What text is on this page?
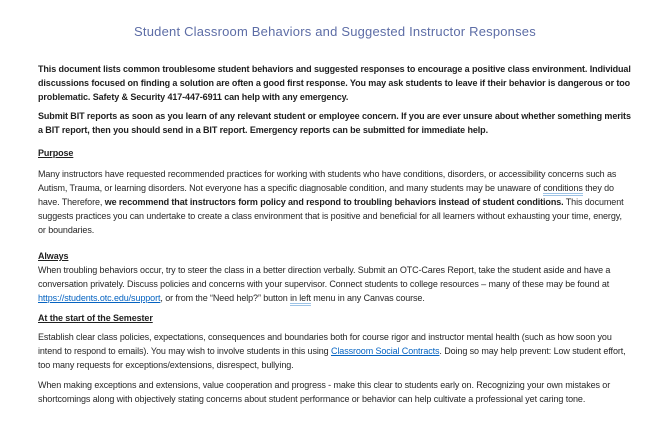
Student Classroom Behaviors and Suggested Instructor Responses

This document lists common troublesome student behaviors and suggested responses to encourage a positive class environment. Individual discussions focused on finding a solution are often a good first response. You may ask students to leave if their behavior is dangerous or too problematic. Safety & Security 417-447-6911 can help with any emergency.

Submit BIT reports as soon as you learn of any relevant student or employee concern. If you are ever unsure about whether something merits a BIT report, then you should send in a BIT report. Emergency reports can be submitted for immediate help.

Purpose

Many instructors have requested recommended practices for working with students who have conditions, disorders, or accessibility concerns such as Autism, Trauma, or learning disorders. Not everyone has a specific diagnosable condition, and many students may be unaware of conditions they do have. Therefore, we recommend that instructors form policy and respond to troubling behaviors instead of student conditions. This document suggests practices you can undertake to create a class environment that is positive and beneficial for all learners without exhausting your time, energy, or boundaries.

Always

When troubling behaviors occur, try to steer the class in a better direction verbally. Submit an OTC-Cares Report, take the student aside and have a conversation privately. Discuss policies and concerns with your supervisor. Connect students to college resources – many of these may be found at https://students.otc.edu/support, or from the “Need help?” button in left menu in any Canvas course.

At the start of the Semester

Establish clear class policies, expectations, consequences and boundaries both for course rigor and instructor mental health (such as how soon you intend to respond to emails). You may wish to involve students in this using Classroom Social Contracts. Doing so may help prevent: Low student effort, too many requests for exceptions/extensions, disrespect, bullying.

When making exceptions and extensions, value cooperation and progress - make this clear to students early on. Recognizing your own mistakes or shortcomings along with objectively stating concerns about student performance or behavior can help cultivate a professional yet caring tone.
